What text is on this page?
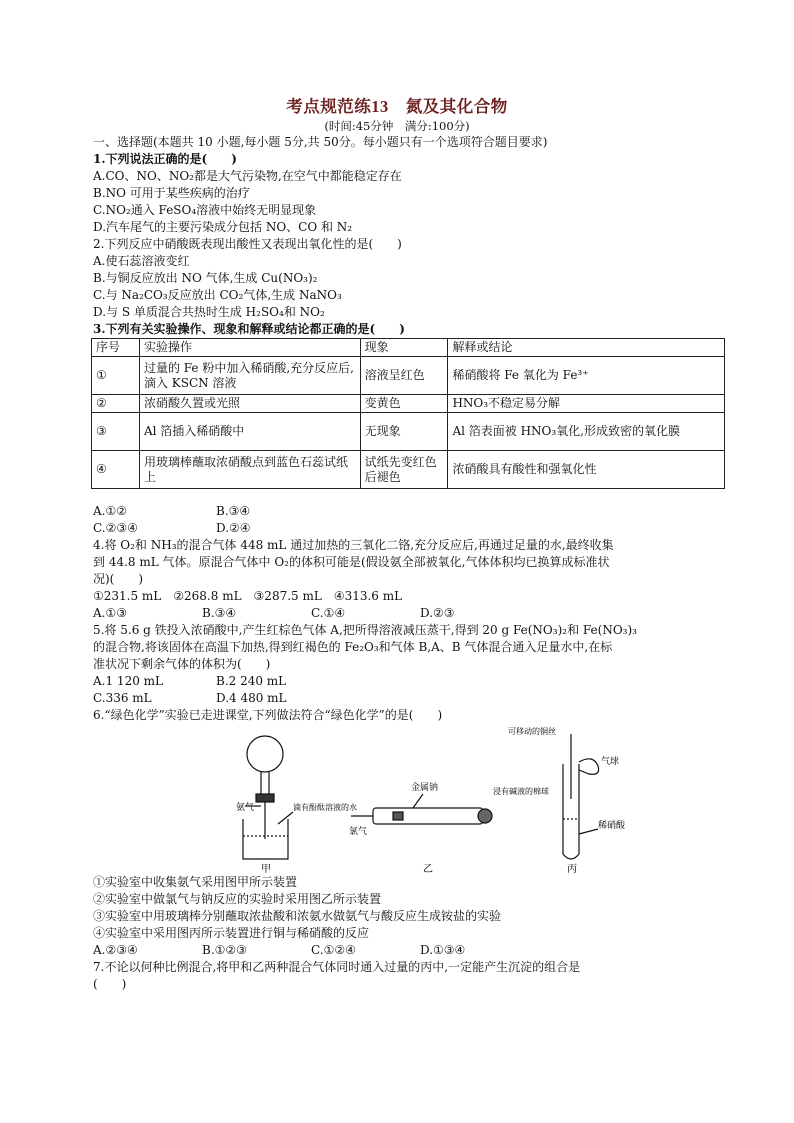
考点规范练13　氮及其化合物
(时间:45分钟　满分:100分)
一、选择题(本题共 10 小题,每小题 5分,共 50分。每小题只有一个选项符合题目要求)
1.下列说法正确的是(　　)
A.CO、NO、NO₂都是大气污染物,在空气中都能稳定存在
B.NO 可用于某些疾病的治疗
C.NO₂通入 FeSO₄溶液中始终无明显现象
D.汽车尾气的主要污染成分包括 NO、CO 和 N₂
2.下列反应中硝酸既表现出酸性又表现出氧化性的是(　　)
A.使石蕊溶液变红
B.与铜反应放出 NO 气体,生成 Cu(NO₃)₂
C.与 Na₂CO₃反应放出 CO₂气体,生成 NaNO₃
D.与 S 单质混合共热时生成 H₂SO₄和 NO₂
3.下列有关实验操作、现象和解释或结论都正确的是(　　)
序号	实验操作	现象	解释或结论
①	过量的 Fe 粉中加入稀硝酸,充分反应后,滴入 KSCN 溶液	溶液呈红色	稀硝酸将 Fe 氧化为 Fe³⁺
②	浓硝酸久置或光照	变黄色	HNO₃不稳定易分解
③	Al 箔插入稀硝酸中	无现象	Al 箔表面被 HNO₃氧化,形成致密的氧化膜
④	用玻璃棒蘸取浓硝酸点到蓝色石蕊试纸上	试纸先变红色后褪色	浓硝酸具有酸性和强氧化性
A.①②	B.③④
C.②③④	D.②④
4.将 O₂和 NH₃的混合气体 448 mL 通过加热的三氧化二铬,充分反应后,再通过足量的水,最终收集
到 44.8 mL 气体。原混合气体中 O₂的体积可能是(假设氨全部被氧化,气体体积均已换算成标准状
况)(　　)
①231.5 mL　②268.8 mL　③287.5 mL　④313.6 mL
A.①③	B.③④	C.①④	D.②③
5.将 5.6 g 铁投入浓硝酸中,产生红棕色气体 A,把所得溶液减压蒸干,得到 20 g Fe(NO₃)₂和 Fe(NO₃)₃
的混合物,将该固体在高温下加热,得到红褐色的 Fe₂O₃和气体 B,A、B 气体混合通入足量水中,在标
准状况下剩余气体的体积为(　　)
A.1 120 mL	B.2 240 mL
C.336 mL	D.4 480 mL
6.“绿色化学”实验已走进课堂,下列做法符合“绿色化学”的是(　　)
氨气
氯气
金属钠
滴有酚酞溶液的水
浸有碱液的棉球
可移动的铜丝
气球
稀硝酸
甲	乙	丙
①实验室中收集氨气采用图甲所示装置
②实验室中做氯气与钠反应的实验时采用图乙所示装置
③实验室中用玻璃棒分别蘸取浓盐酸和浓氨水做氨气与酸反应生成铵盐的实验
④实验室中采用图丙所示装置进行铜与稀硝酸的反应
A.②③④	B.①②③	C.①②④	D.①③④
7.不论以何种比例混合,将甲和乙两种混合气体同时通入过量的丙中,一定能产生沉淀的组合是
(　　)
